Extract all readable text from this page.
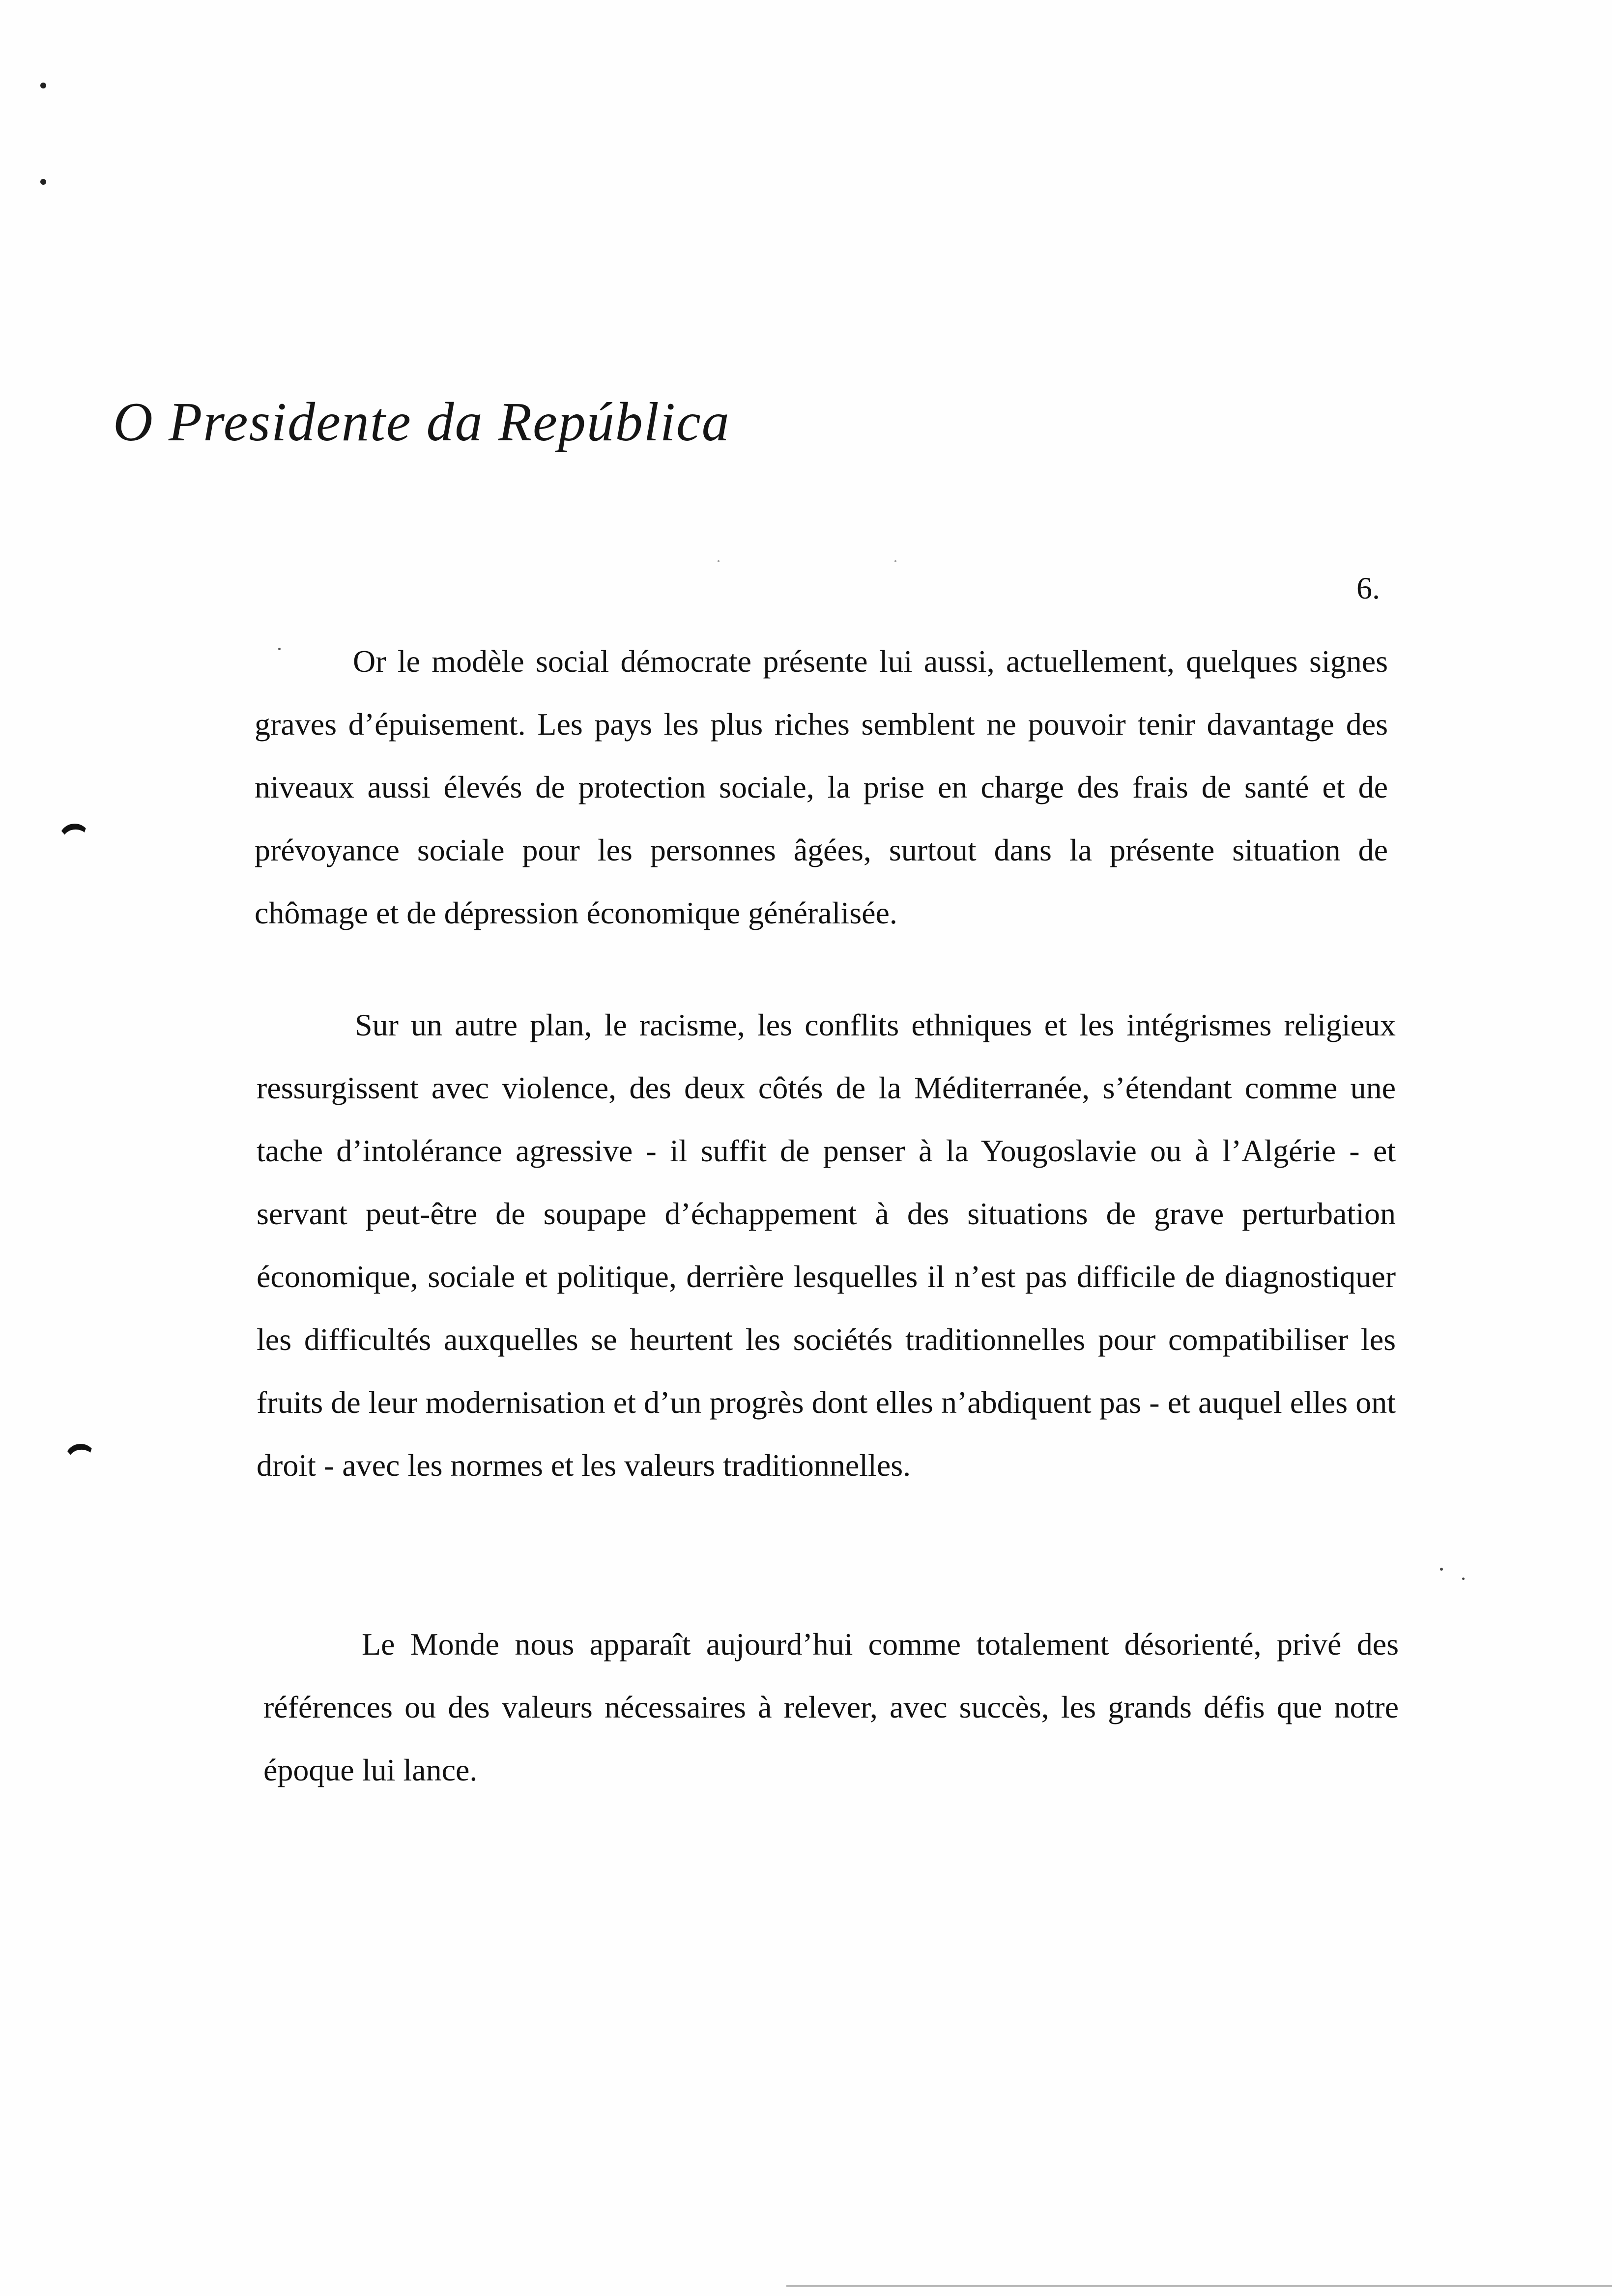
O Presidente da República
6.

Or le modèle social démocrate présente lui aussi, actuellement, quelques signes graves d’épuisement. Les pays les plus riches semblent ne pouvoir tenir davantage des niveaux aussi élevés de protection sociale, la prise en charge des frais de santé et de prévoyance sociale pour les personnes âgées, surtout dans la présente situation de chômage et de dépression économique généralisée.

Sur un autre plan, le racisme, les conflits ethniques et les intégrismes religieux ressurgissent avec violence, des deux côtés de la Méditerranée, s’étendant comme une tache d’intolérance agressive - il suffit de penser à la Yougoslavie ou à l’Algérie - et servant peut-être de soupape d’échappement à des situations de grave perturbation économique, sociale et politique, derrière lesquelles il n’est pas difficile de diagnostiquer les difficultés auxquelles se heurtent les sociétés traditionnelles pour compatibiliser les fruits de leur modernisation et d’un progrès dont elles n’abdiquent pas - et auquel elles ont droit - avec les normes et les valeurs traditionnelles.

Le Monde nous apparaît aujourd’hui comme totalement désorienté, privé des références ou des valeurs nécessaires à relever, avec succès, les grands défis que notre époque lui lance.
